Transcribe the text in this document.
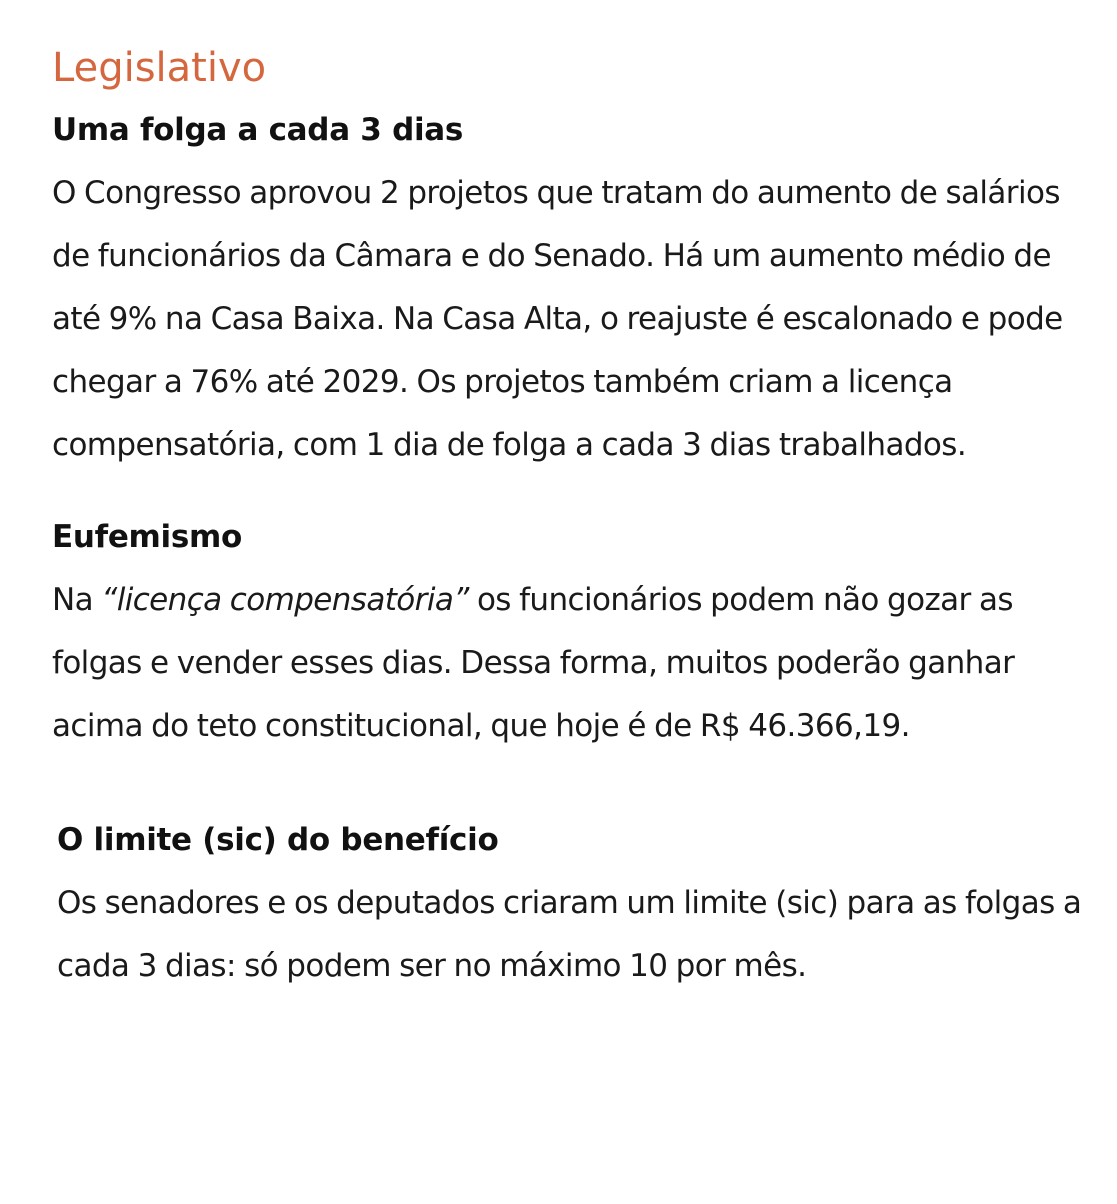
Legislativo
Uma folga a cada 3 dias

O Congresso aprovou 2 projetos que tratam do aumento de salários de funcionários da Câmara e do Senado. Há um aumento médio de até 9% na Casa Baixa. Na Casa Alta, o reajuste é escalonado e pode chegar a 76% até 2029. Os projetos também criam a licença compensatória, com 1 dia de folga a cada 3 dias trabalhados.

Eufemismo

Na “licença compensatória” os funcionários podem não gozar as folgas e vender esses dias. Dessa forma, muitos poderão ganhar acima do teto constitucional, que hoje é de R$ 46.366,19.

O limite (sic) do benefício

Os senadores e os deputados criaram um limite (sic) para as folgas a cada 3 dias: só podem ser no máximo 10 por mês.
